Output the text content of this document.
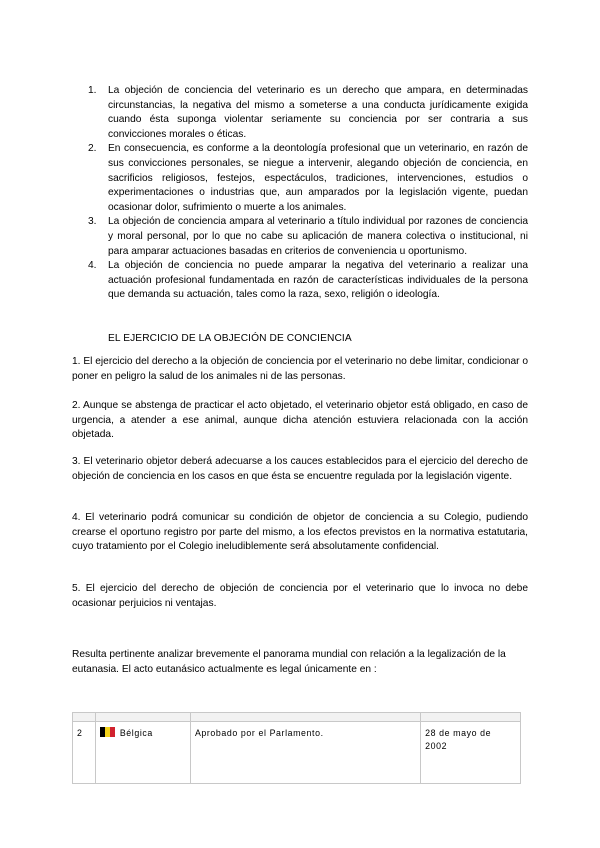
1.	La objeción de conciencia del veterinario es un derecho que ampara, en determinadas circunstancias, la negativa del mismo a someterse a una conducta jurídicamente exigida cuando ésta suponga violentar seriamente su conciencia por ser contraria a sus convicciones morales o éticas.
2.	En consecuencia, es conforme a la deontología profesional que un veterinario, en razón de sus convicciones personales, se niegue a intervenir, alegando objeción de conciencia, en sacrificios religiosos, festejos, espectáculos, tradiciones, intervenciones, estudios o experimentaciones o industrias que, aun amparados por la legislación vigente, puedan ocasionar dolor, sufrimiento o muerte a los animales.
3.	La objeción de conciencia ampara al veterinario a título individual por razones de conciencia y moral personal, por lo que no cabe su aplicación de manera colectiva o institucional, ni para amparar actuaciones basadas en criterios de conveniencia u oportunismo.
4.	La objeción de conciencia no puede amparar la negativa del veterinario a realizar una actuación profesional fundamentada en razón de características individuales de la persona que demanda su actuación, tales como la raza, sexo, religión o ideología.
EL EJERCICIO DE LA OBJECIÓN DE CONCIENCIA

1. El ejercicio del derecho a la objeción de conciencia por el veterinario no debe limitar, condicionar o poner en peligro la salud de los animales ni de las personas.

2. Aunque se abstenga de practicar el acto objetado, el veterinario objetor está obligado, en caso de urgencia, a atender a ese animal, aunque dicha atención estuviera relacionada con la acción objetada.

3. El veterinario objetor deberá adecuarse a los cauces establecidos para el ejercicio del derecho de objeción de conciencia en los casos en que ésta se encuentre regulada por la legislación vigente.

4. El veterinario podrá comunicar su condición de objetor de conciencia a su Colegio, pudiendo crearse el oportuno registro por parte del mismo, a los efectos previstos en la normativa estatutaria, cuyo tratamiento por el Colegio ineludiblemente será absolutamente confidencial.

5. El ejercicio del derecho de objeción de conciencia por el veterinario que lo invoca no debe ocasionar perjuicios ni ventajas.

Resulta pertinente analizar brevemente el panorama mundial con relación a la legalización de la eutanasia. El acto eutanásico actualmente es legal únicamente en :

2	Bélgica	Aprobado por el Parlamento.	28 de mayo de 2002
